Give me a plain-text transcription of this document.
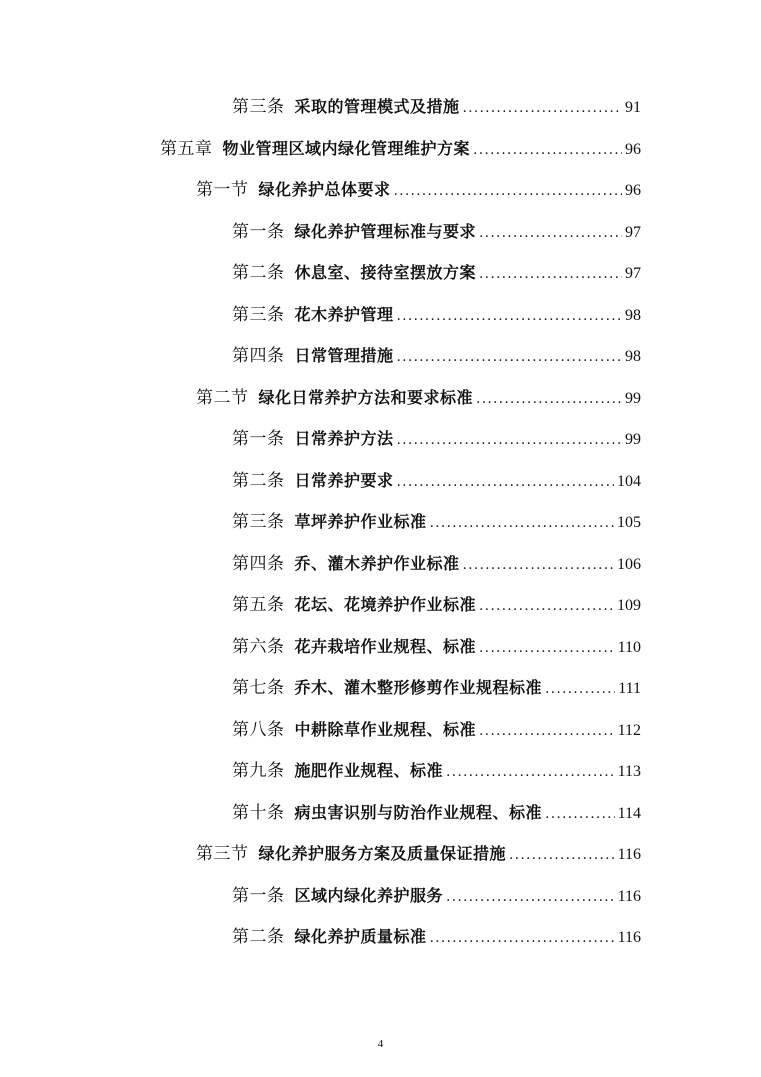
第三条 采取的管理模式及措施 .....	91
第五章 物业管理区域内绿化管理维护方案 .....	96
第一节 绿化养护总体要求 .....	96
第一条 绿化养护管理标准与要求 .....	97
第二条 休息室、接待室摆放方案 .....	97
第三条 花木养护管理 .....	98
第四条 日常管理措施 .....	98
第二节 绿化日常养护方法和要求标准 .....	99
第一条 日常养护方法 .....	99
第二条 日常养护要求 .....	104
第三条 草坪养护作业标准 .....	105
第四条 乔、灌木养护作业标准 .....	106
第五条 花坛、花境养护作业标准 .....	109
第六条 花卉栽培作业规程、标准 .....	110
第七条 乔木、灌木整形修剪作业规程标准 .....	111
第八条 中耕除草作业规程、标准 .....	112
第九条 施肥作业规程、标准 .....	113
第十条 病虫害识别与防治作业规程、标准 .....	114
第三节 绿化养护服务方案及质量保证措施 .....	116
第一条 区域内绿化养护服务 .....	116
第二条 绿化养护质量标准 .....	116
4
